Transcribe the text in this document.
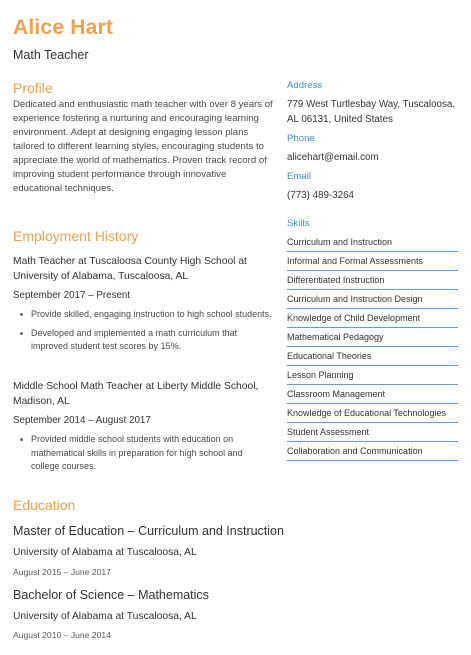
Alice Hart
Math Teacher
Profile
Dedicated and enthusiastic math teacher with over 8 years of experience fostering a nurturing and encouraging learning environment. Adept at designing engaging lesson plans tailored to different learning styles, encouraging students to appreciate the world of mathematics. Proven track record of improving student performance through innovative educational techniques.
Employment History
Math Teacher at Tuscaloosa County High School at University of Alabama, Tuscaloosa, AL
September 2017 – Present
Provide skilled, engaging instruction to high school students.
Developed and implemented a math curriculum that improved student test scores by 15%.
Middle School Math Teacher at Liberty Middle School, Madison, AL
September 2014 – August 2017
Provided middle school students with education on mathematical skills in preparation for high school and college courses.
Education
Master of Education – Curriculum and Instruction
University of Alabama at Tuscaloosa, AL
August 2015 – June 2017
Bachelor of Science – Mathematics
University of Alabama at Tuscaloosa, AL
August 2010 – June 2014
Address
779 West Turtlesbay Way, Tuscaloosa, AL 06131, United States
Phone
alicehart@email.com
Email
(773) 489-3264
Skills
Curriculum and Instruction
Informal and Formal Assessments
Differentiated Instruction
Curriculum and Instruction Design
Knowledge of Child Development
Mathematical Pedagogy
Educational Theories
Lesson Planning
Classroom Management
Knowledge of Educational Technologies
Student Assessment
Collaboration and Communication
